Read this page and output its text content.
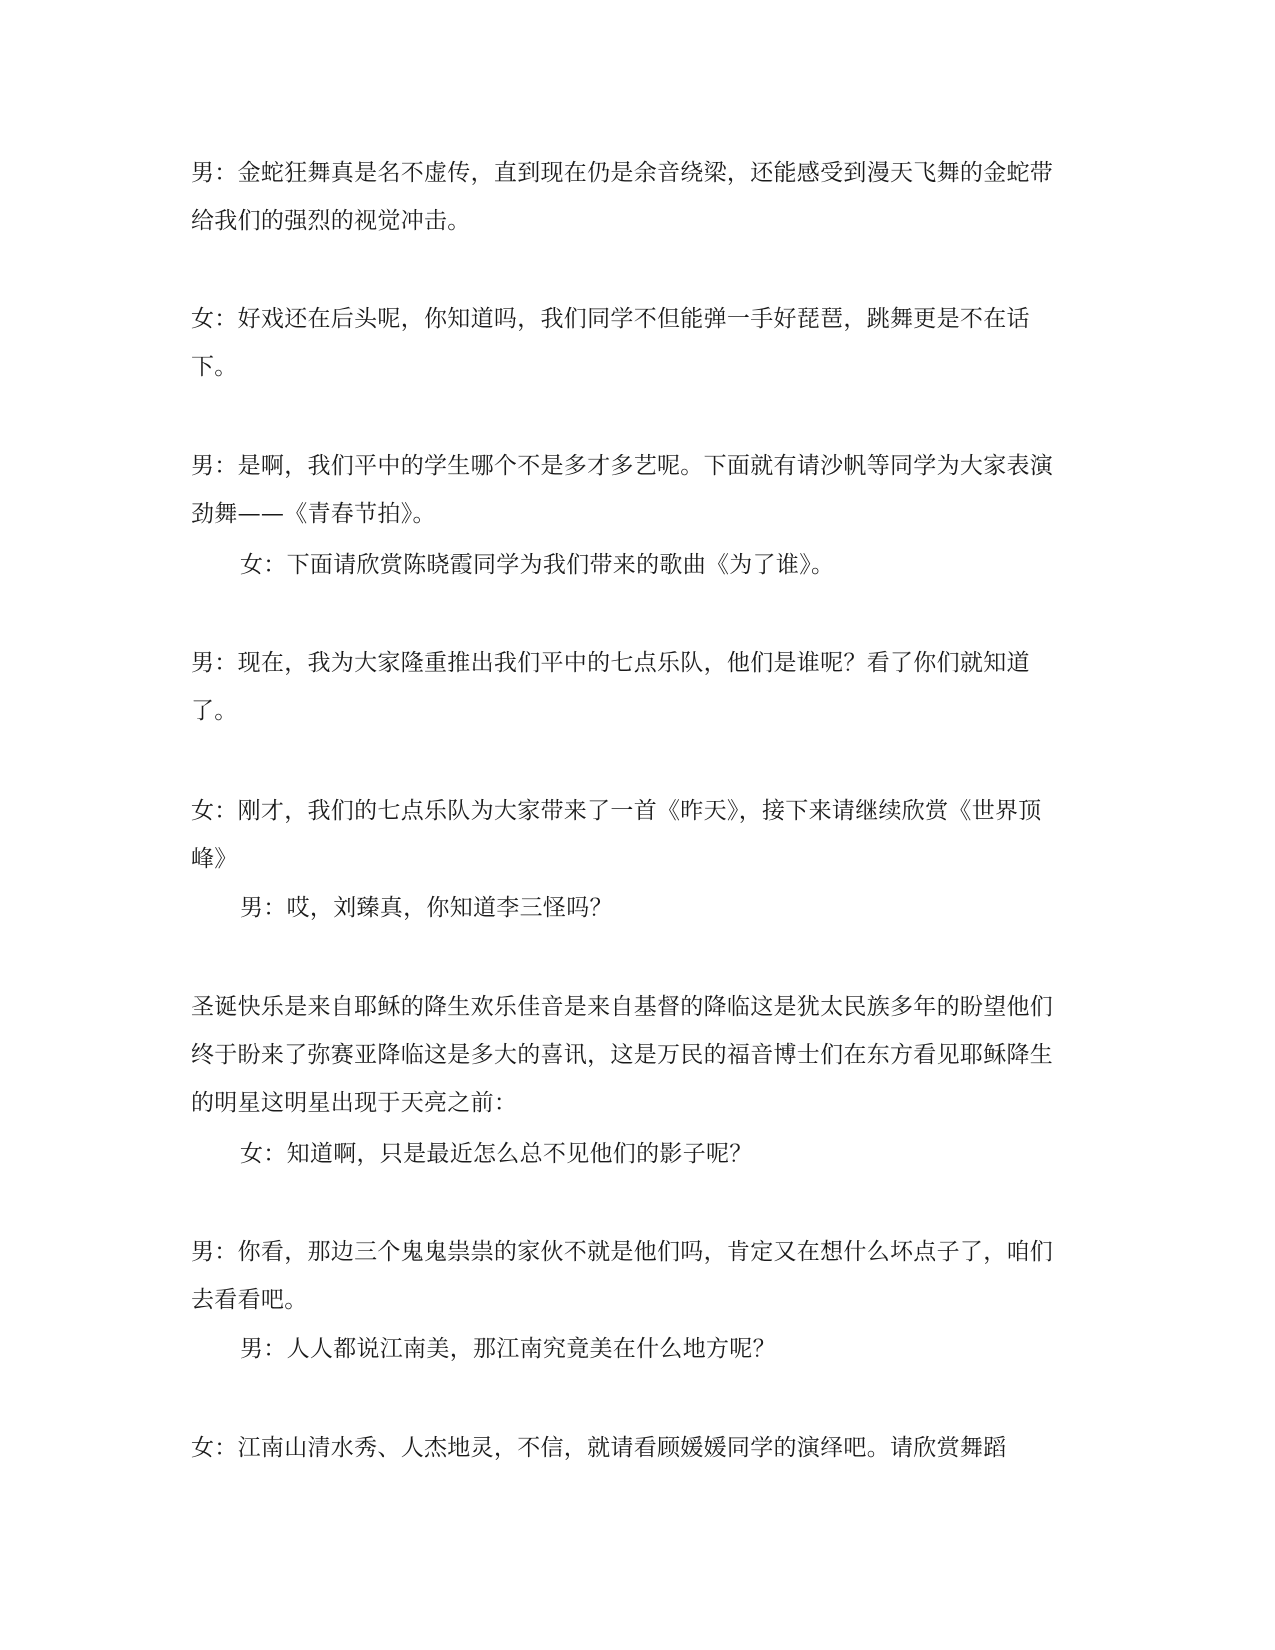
男：金蛇狂舞真是名不虚传，直到现在仍是余音绕梁，还能感受到漫天飞舞的金蛇带给我们的强烈的视觉冲击。

女：好戏还在后头呢，你知道吗，我们同学不但能弹一手好琵琶，跳舞更是不在话下。

男：是啊，我们平中的学生哪个不是多才多艺呢。下面就有请沙帆等同学为大家表演劲舞——《青春节拍》。

女：下面请欣赏陈晓霞同学为我们带来的歌曲《为了谁》。

男：现在，我为大家隆重推出我们平中的七点乐队，他们是谁呢？看了你们就知道了。

女：刚才，我们的七点乐队为大家带来了一首《昨天》，接下来请继续欣赏《世界顶峰》

男：哎，刘臻真，你知道李三怪吗？

圣诞快乐是来自耶稣的降生欢乐佳音是来自基督的降临这是犹太民族多年的盼望他们终于盼来了弥赛亚降临这是多大的喜讯，这是万民的福音博士们在东方看见耶稣降生的明星这明星出现于天亮之前：

女：知道啊，只是最近怎么总不见他们的影子呢？

男：你看，那边三个鬼鬼祟祟的家伙不就是他们吗，肯定又在想什么坏点子了，咱们去看看吧。

男：人人都说江南美，那江南究竟美在什么地方呢？

女：江南山清水秀、人杰地灵，不信，就请看顾媛媛同学的演绎吧。请欣赏舞蹈
